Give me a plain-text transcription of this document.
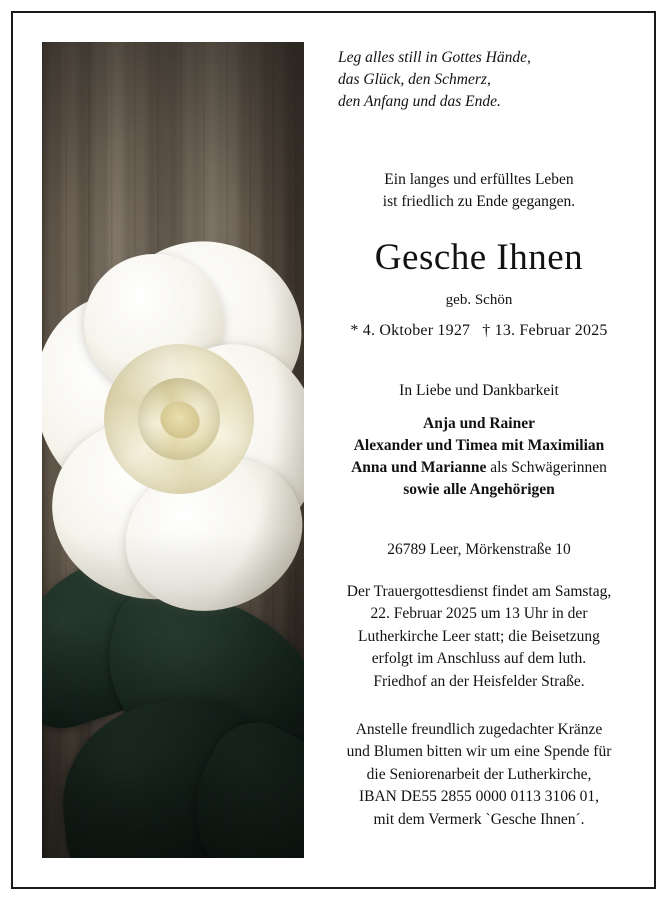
Leg alles still in Gottes Hände,
das Glück, den Schmerz,
den Anfang und das Ende.
Ein langes und erfülltes Leben
ist friedlich zu Ende gegangen.
Gesche Ihnen
geb. Schön
* 4. Oktober 1927 † 13. Februar 2025
In Liebe und Dankbarkeit
Anja und Rainer
Alexander und Timea mit Maximilian
Anna und Marianne als Schwägerinnen
sowie alle Angehörigen
26789 Leer, Mörkenstraße 10
Der Trauergottesdienst findet am Samstag,
22. Februar 2025 um 13 Uhr in der
Lutherkirche Leer statt; die Beisetzung
erfolgt im Anschluss auf dem luth.
Friedhof an der Heisfelder Straße.
Anstelle freundlich zugedachter Kränze
und Blumen bitten wir um eine Spende für
die Seniorenarbeit der Lutherkirche,
IBAN DE55 2855 0000 0113 3106 01,
mit dem Vermerk `Gesche Ihnen´.
